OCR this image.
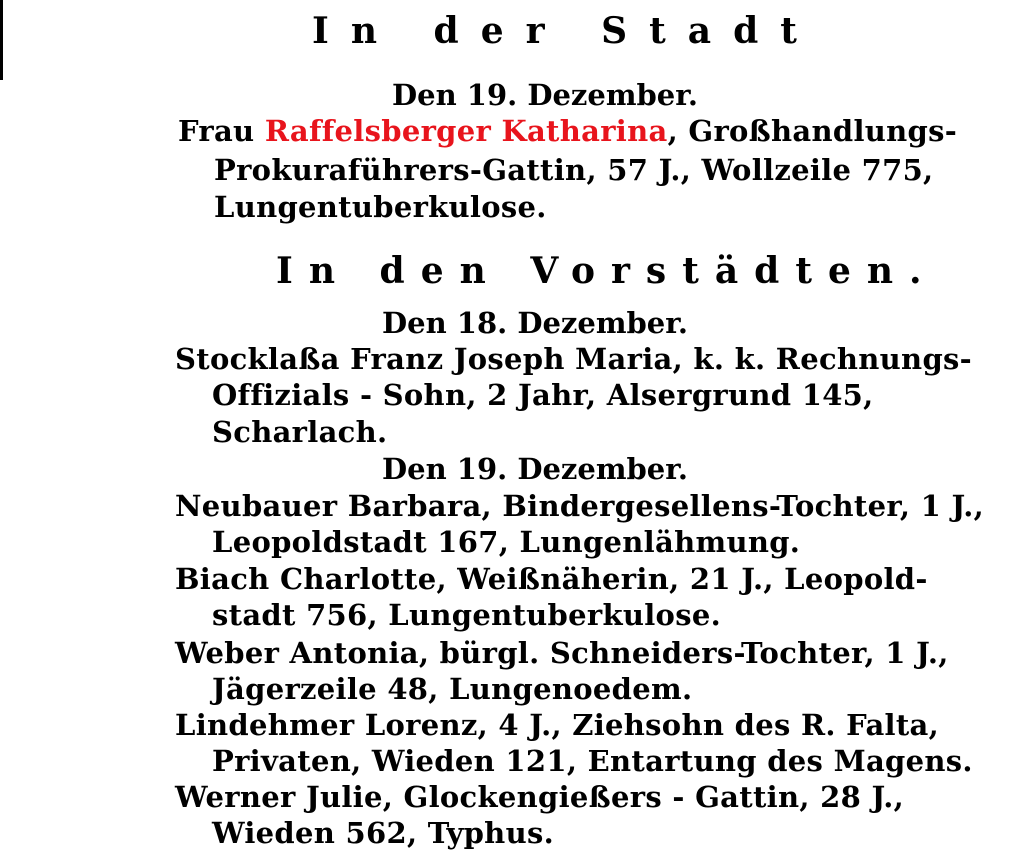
In der Stadt
Den 19. Dezember.
Frau Raffelsberger Katharina, Großhandlungs-
Prokuraführers-Gattin, 57 J., Wollzeile 775,
Lungentuberkulose.
In den Vorstädten.
Den 18. Dezember.
Stocklaßa Franz Joseph Maria, k. k. Rechnungs-
Offizials - Sohn, 2 Jahr, Alsergrund 145,
Scharlach.
Den 19. Dezember.
Neubauer Barbara, Bindergesellens-Tochter, 1 J.,
Leopoldstadt 167, Lungenlähmung.
Biach Charlotte, Weißnäherin, 21 J., Leopold-
stadt 756, Lungentuberkulose.
Weber Antonia, bürgl. Schneiders-Tochter, 1 J.,
Jägerzeile 48, Lungenoedem.
Lindehmer Lorenz, 4 J., Ziehsohn des R. Falta,
Privaten, Wieden 121, Entartung des Magens.
Werner Julie, Glockengießers - Gattin, 28 J.,
Wieden 562, Typhus.
